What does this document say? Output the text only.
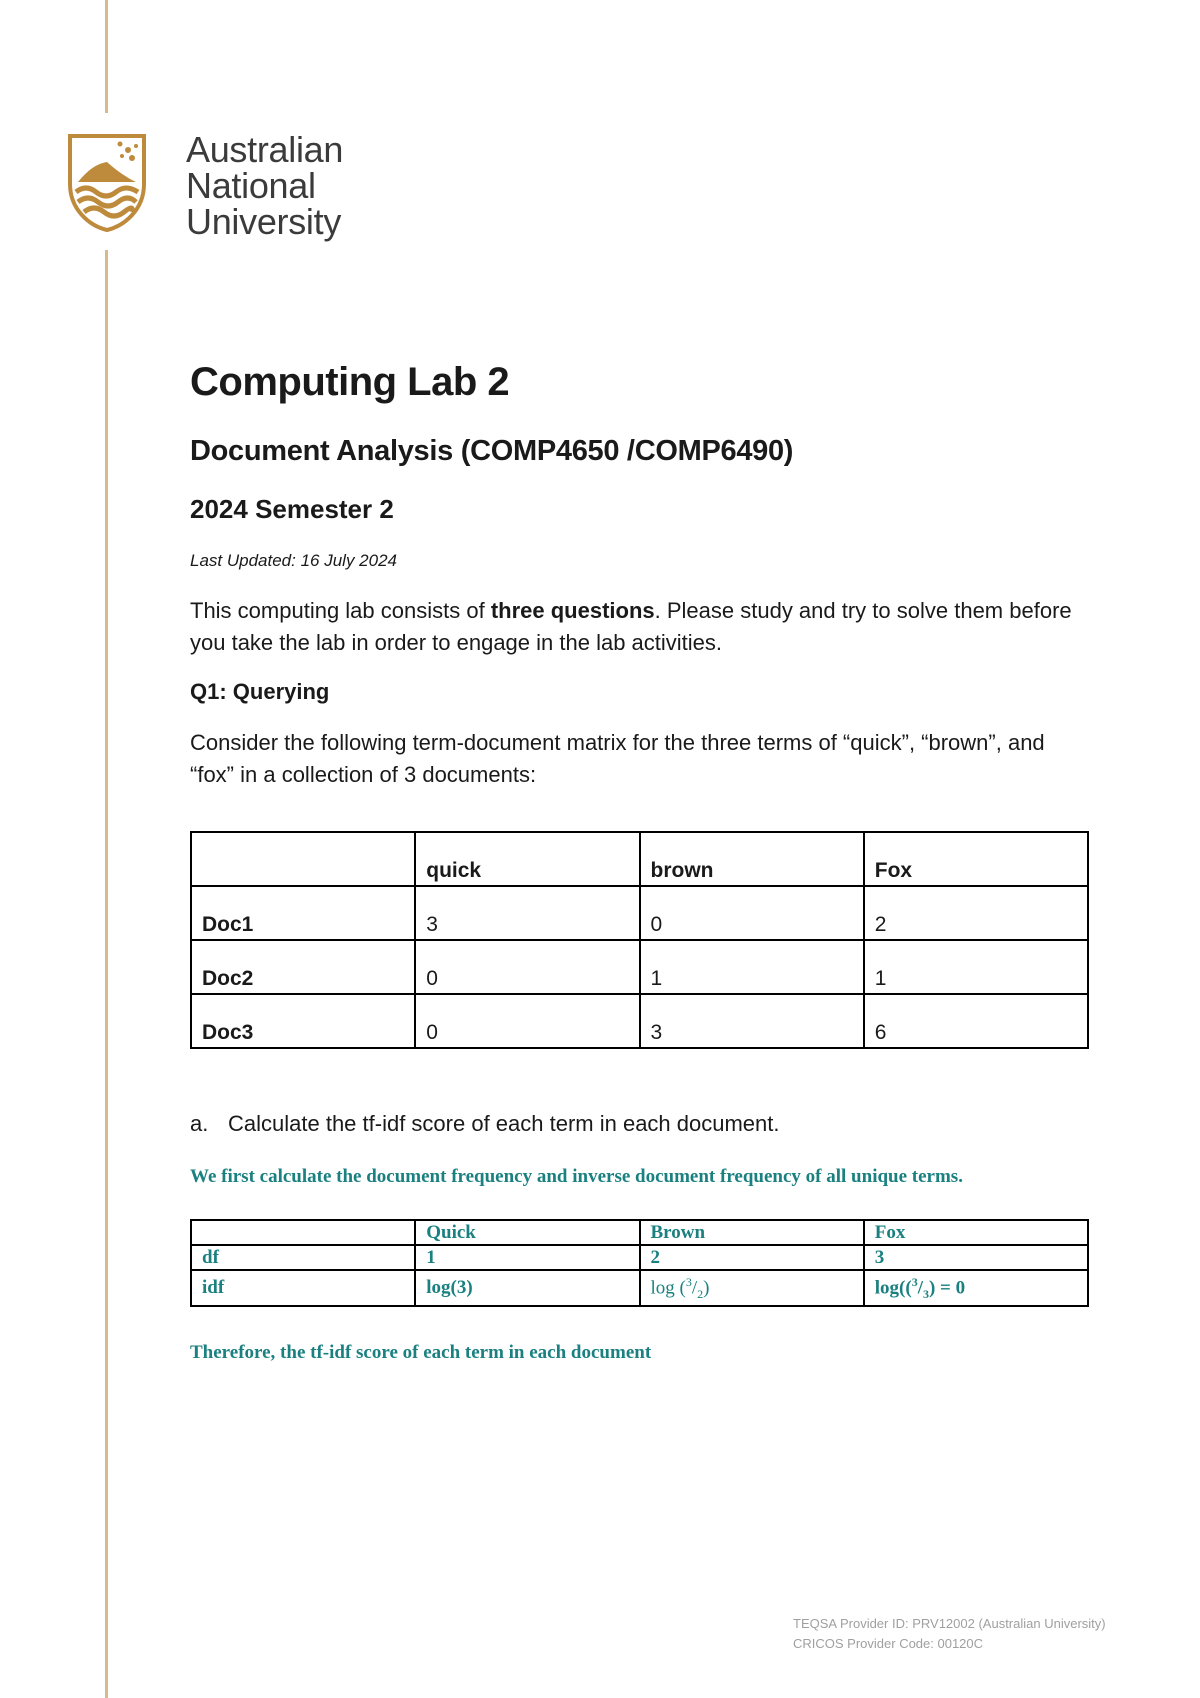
Australian
National
University
Computing Lab 2
Document Analysis (COMP4650 /COMP6490)
2024 Semester 2
Last Updated: 16 July 2024

This computing lab consists of three questions. Please study and try to solve them before you take the lab in order to engage in the lab activities.

Q1: Querying

Consider the following term-document matrix for the three terms of “quick”, “brown”, and “fox” in a collection of 3 documents:

	quick	brown	Fox
Doc1	3	0	2
Doc2	0	1	1
Doc3	0	3	6
a. Calculate the tf-idf score of each term in each document.
We first calculate the document frequency and inverse document frequency of all unique terms.
	Quick	Brown	Fox
df	1	2	3
idf	log(3)	$\log (^3/_2)$	$\log((^3/_3) = 0$
Therefore, the tf-idf score of each term in each document
TEQSA Provider ID: PRV12002 (Australian University)
CRICOS Provider Code: 00120C
